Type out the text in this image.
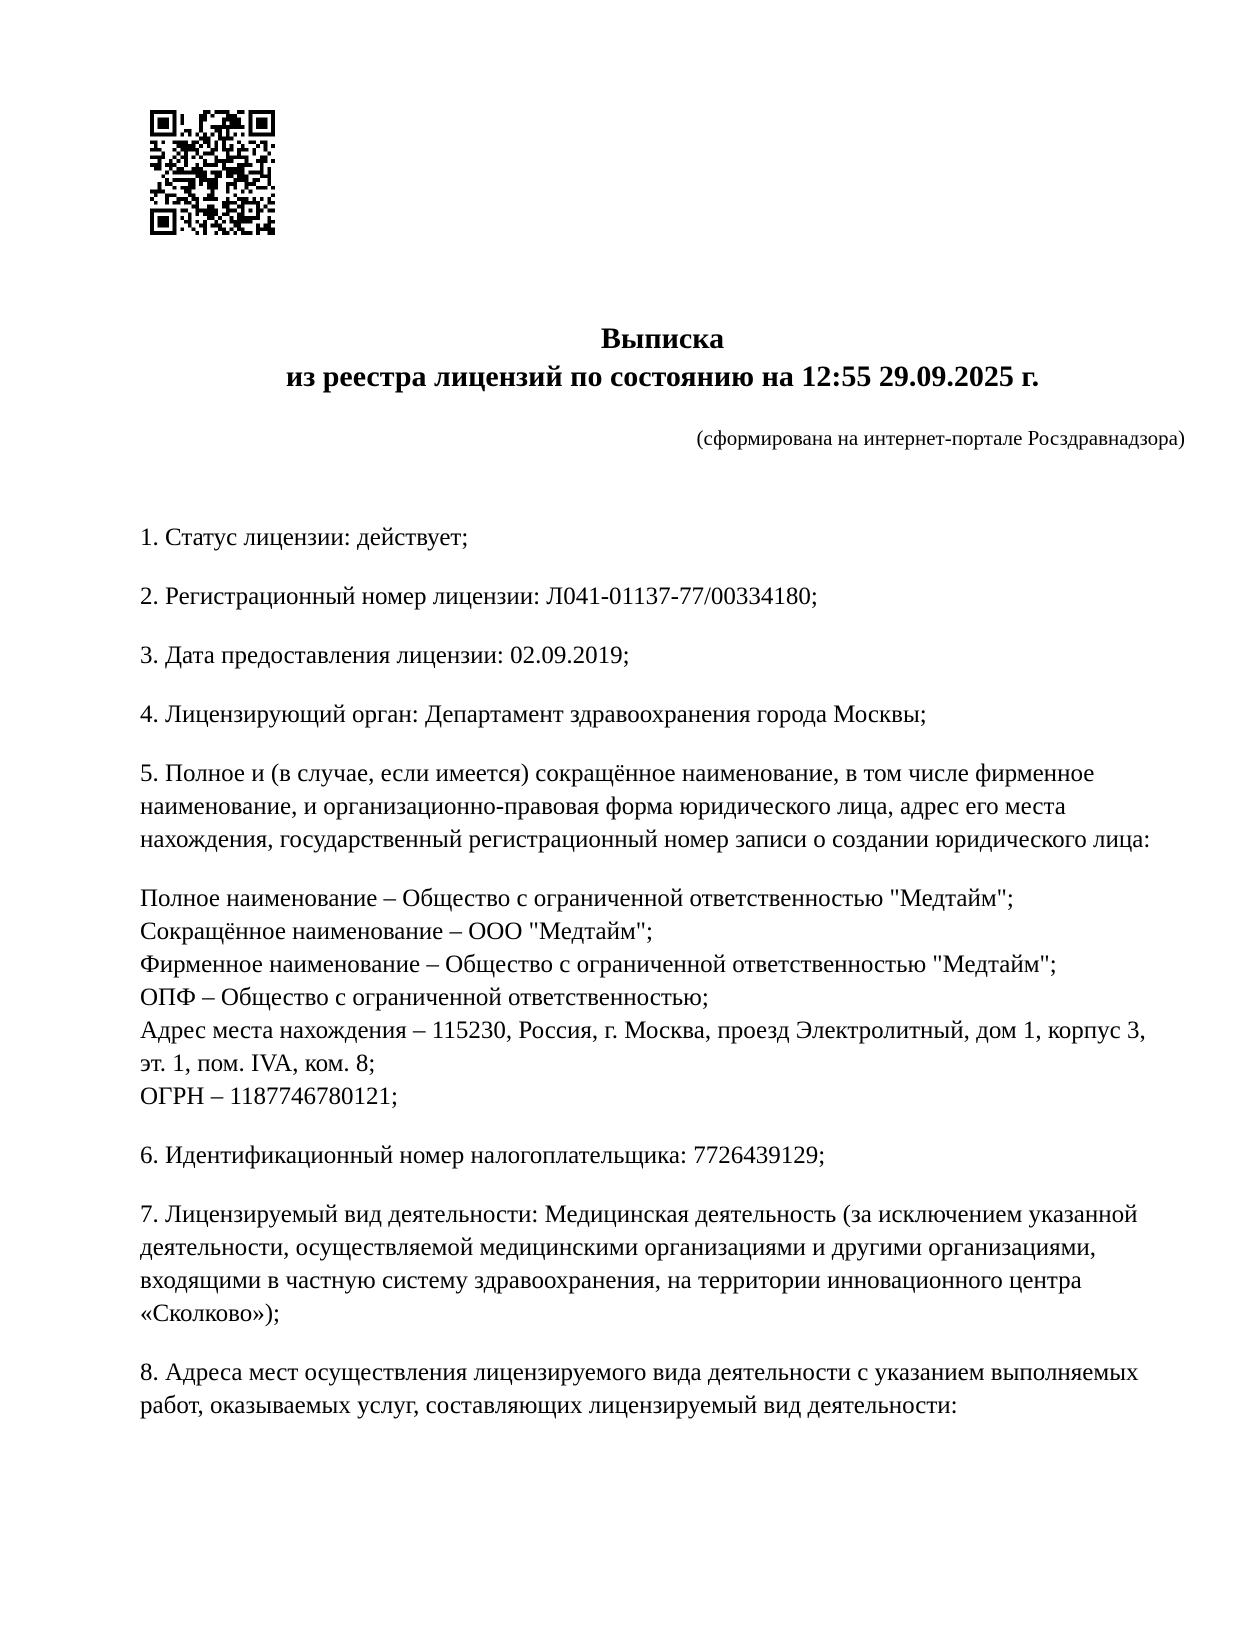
Выписка
из реестра лицензий по состоянию на 12:55 29.09.2025 г.
(сформирована на интернет-портале Росздравнадзора)
1. Статус лицензии: действует;
2. Регистрационный номер лицензии: Л041-01137-77/00334180;
3. Дата предоставления лицензии: 02.09.2019;
4. Лицензирующий орган: Департамент здравоохранения города Москвы;
5. Полное и (в случае, если имеется) сокращённое наименование, в том числе фирменное
наименование, и организационно-правовая форма юридического лица, адрес его места
нахождения, государственный регистрационный номер записи о создании юридического лица:
Полное наименование – Общество с ограниченной ответственностью "Медтайм";
Сокращённое наименование – ООО "Медтайм";
Фирменное наименование – Общество с ограниченной ответственностью "Медтайм";
ОПФ – Общество с ограниченной ответственностью;
Адрес места нахождения – 115230, Россия, г. Москва, проезд Электролитный, дом 1, корпус 3,
эт. 1, пом. IVA, ком. 8;
ОГРН – 1187746780121;
6. Идентификационный номер налогоплательщика: 7726439129;
7. Лицензируемый вид деятельности: Медицинская деятельность (за исключением указанной
деятельности, осуществляемой медицинскими организациями и другими организациями,
входящими в частную систему здравоохранения, на территории инновационного центра
«Сколково»);
8. Адреса мест осуществления лицензируемого вида деятельности с указанием выполняемых
работ, оказываемых услуг, составляющих лицензируемый вид деятельности:
